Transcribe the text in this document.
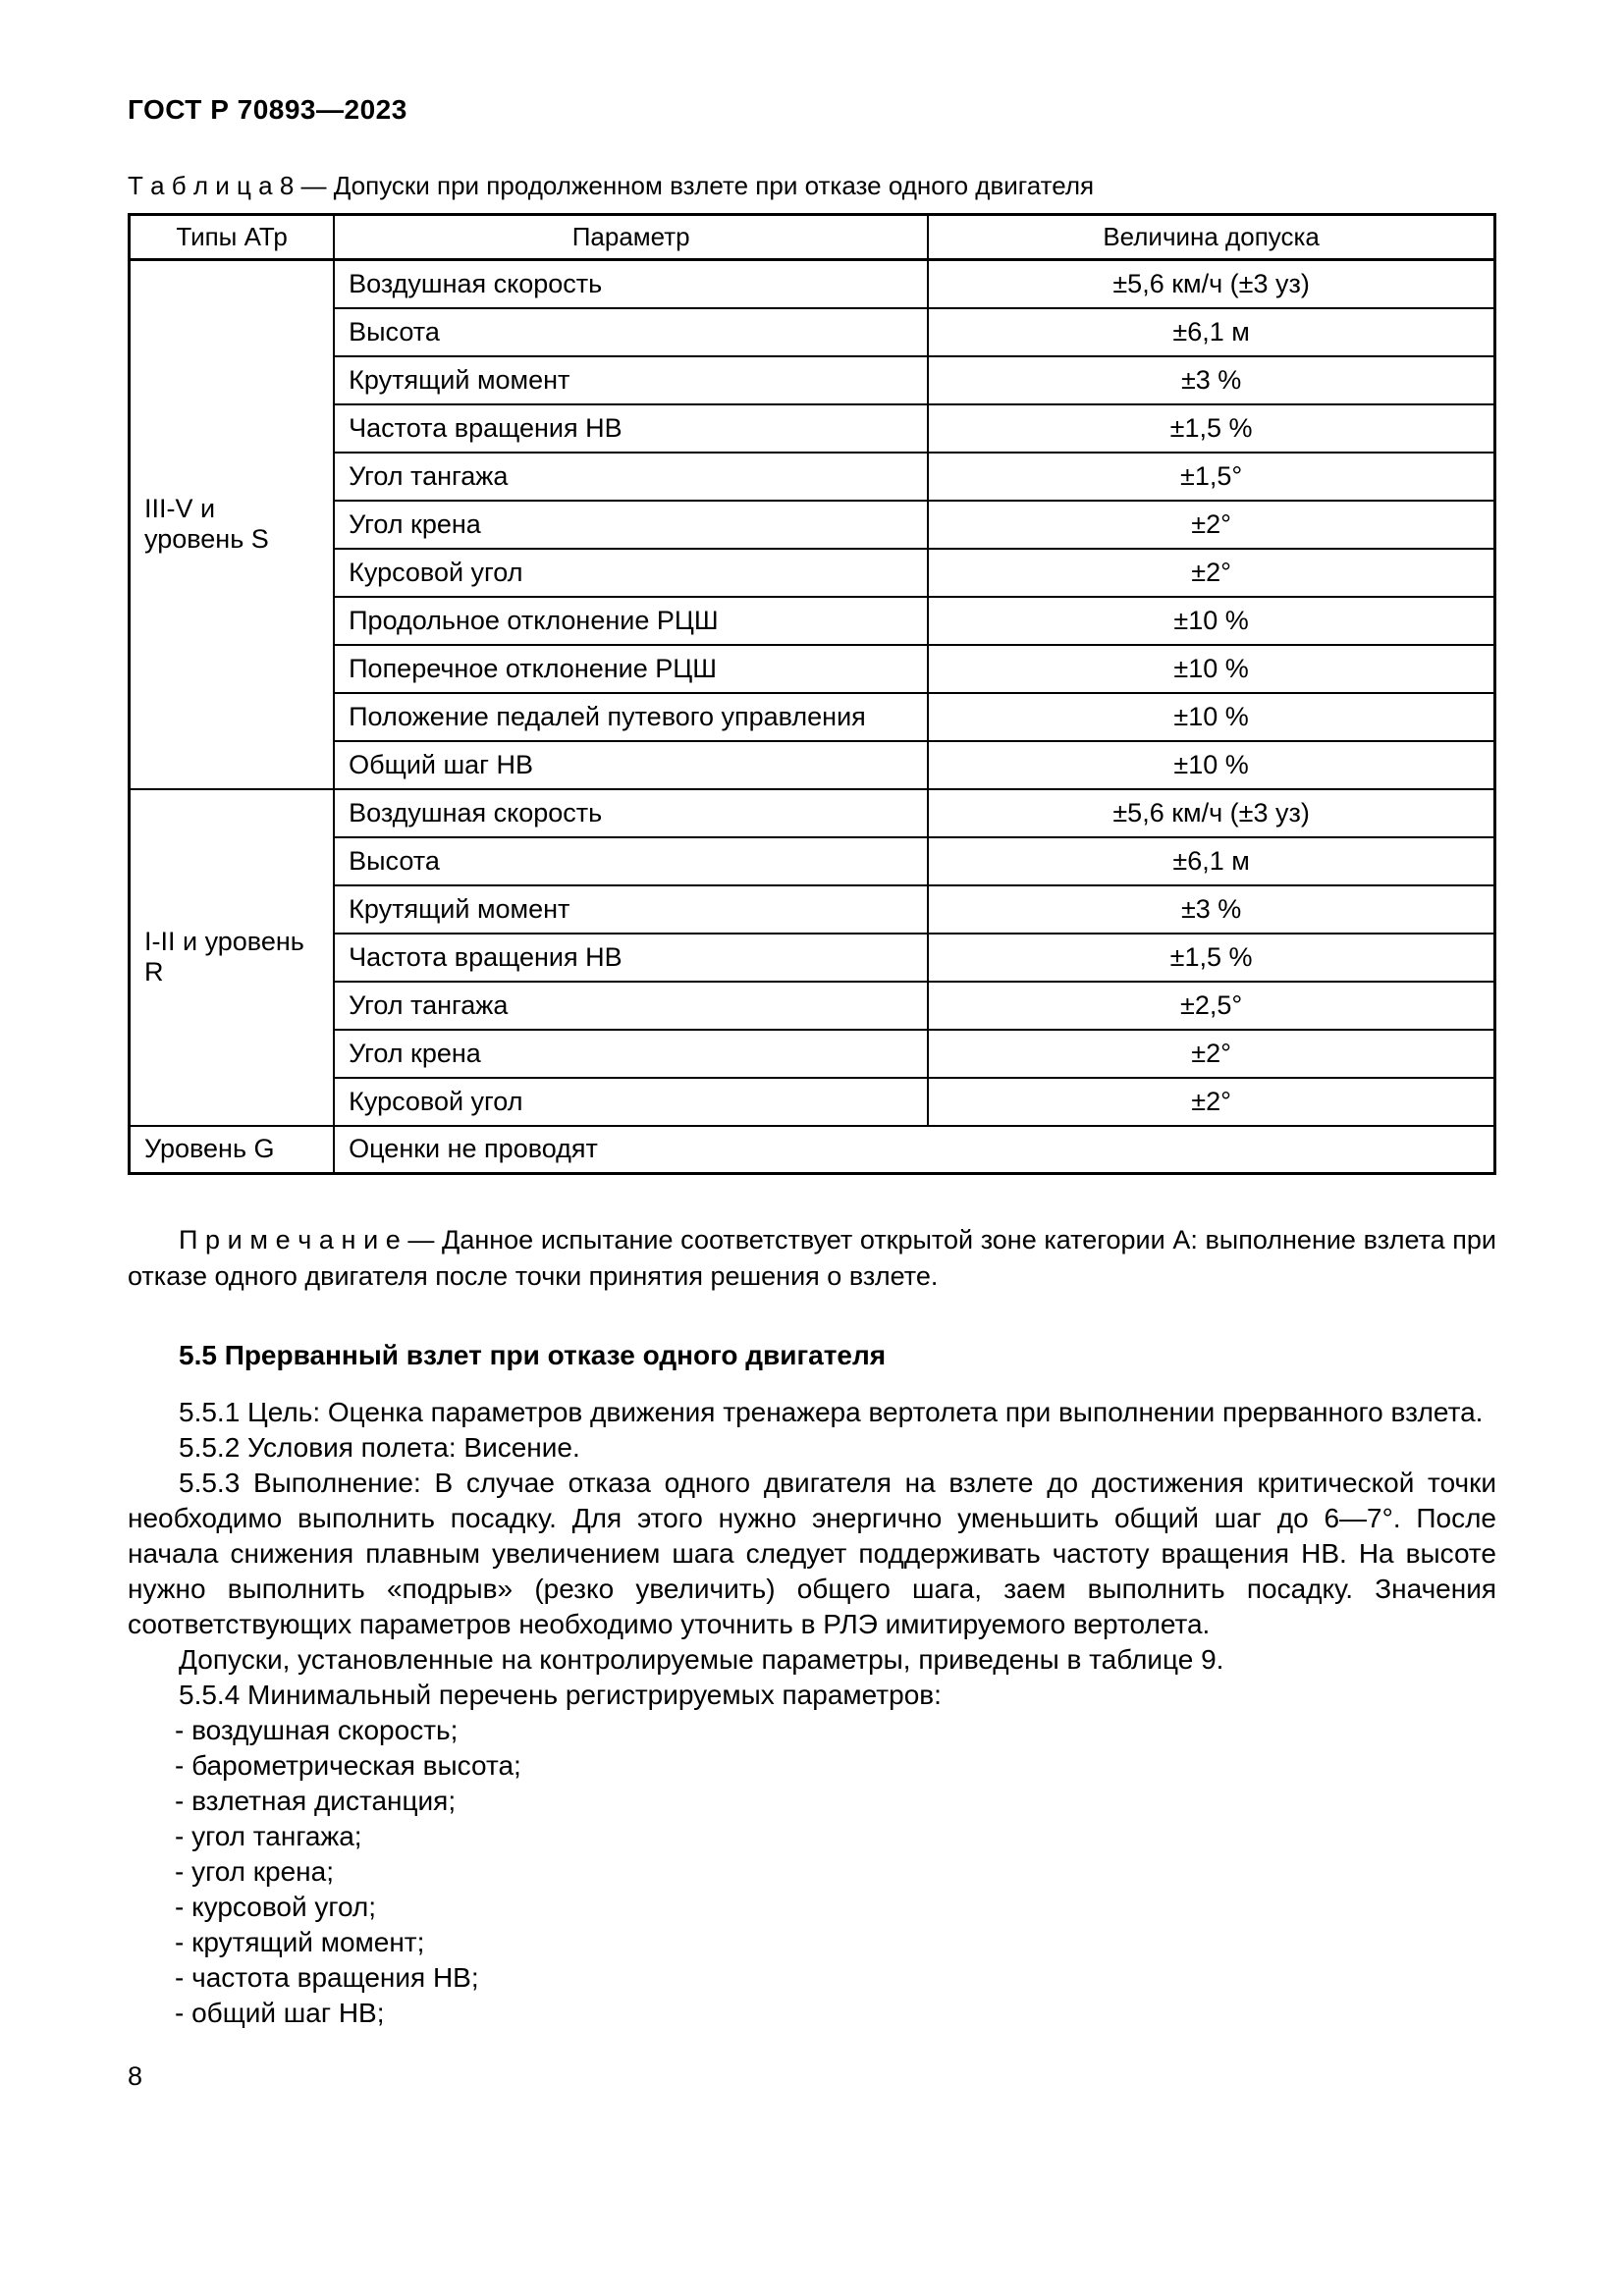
ГОСТ Р 70893—2023
Т а б л и ц а 8 — Допуски при продолженном взлете при отказе одного двигателя
Типы АТр	Параметр	Величина допуска
III-V и уровень S	Воздушная скорость	±5,6 км/ч (±3 уз)
	Высота	±6,1 м
	Крутящий момент	±3 %
	Частота вращения НВ	±1,5 %
	Угол тангажа	±1,5°
	Угол крена	±2°
	Курсовой угол	±2°
	Продольное отклонение РЦШ	±10 %
	Поперечное отклонение РЦШ	±10 %
	Положение педалей путевого управления	±10 %
	Общий шаг НВ	±10 %
I-II и уровень R	Воздушная скорость	±5,6 км/ч (±3 уз)
	Высота	±6,1 м
	Крутящий момент	±3 %
	Частота вращения НВ	±1,5 %
	Угол тангажа	±2,5°
	Угол крена	±2°
	Курсовой угол	±2°
Уровень G	Оценки не проводят	
П р и м е ч а н и е — Данное испытание соответствует открытой зоне категории А: выполнение взлета при отказе одного двигателя после точки принятия решения о взлете.
5.5 Прерванный взлет при отказе одного двигателя
5.5.1 Цель: Оценка параметров движения тренажера вертолета при выполнении прерванного взлета.
5.5.2 Условия полета: Висение.
5.5.3 Выполнение: В случае отказа одного двигателя на взлете до достижения критической точки необходимо выполнить посадку. Для этого нужно энергично уменьшить общий шаг до 6—7°. После начала снижения плавным увеличением шага следует поддерживать частоту вращения НВ. На высоте нужно выполнить «подрыв» (резко увеличить) общего шага, заем выполнить посадку. Значения соответствующих параметров необходимо уточнить в РЛЭ имитируемого вертолета.
Допуски, установленные на контролируемые параметры, приведены в таблице 9.
5.5.4 Минимальный перечень регистрируемых параметров:
- воздушная скорость;
- барометрическая высота;
- взлетная дистанция;
- угол тангажа;
- угол крена;
- курсовой угол;
- крутящий момент;
- частота вращения НВ;
- общий шаг НВ;
8
